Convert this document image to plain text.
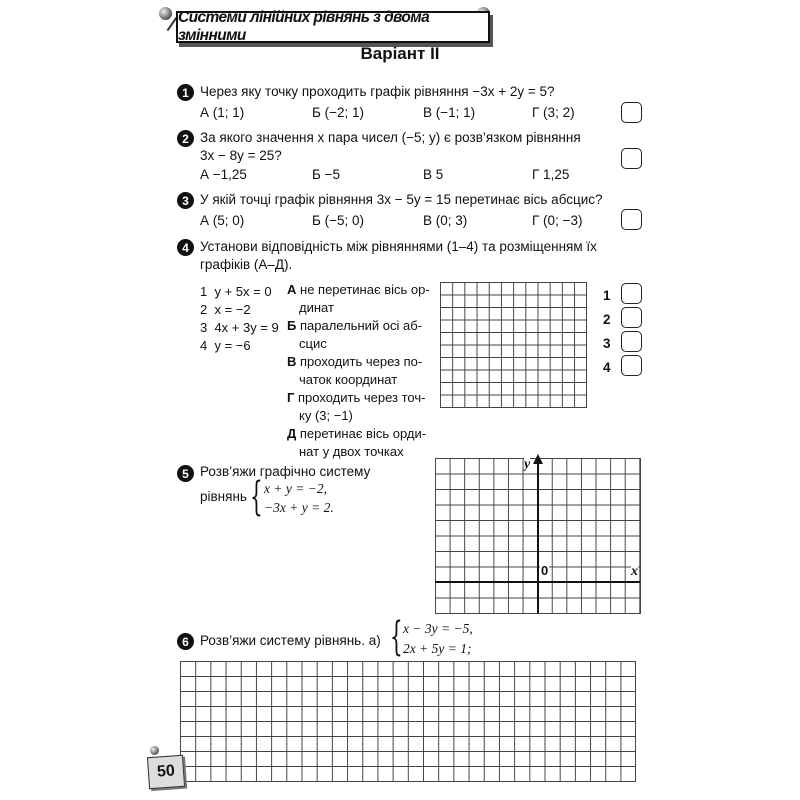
Системи лінійних рівнянь з двома змінними
Варіант ІІ
1 Через яку точку проходить графік рівняння −3x + 2y = 5?
А (1; 1)	Б (−2; 1)	В (−1; 1)	Г (3; 2)
2 За якого значення x пара чисел (−5; y) є розв’язком рівняння
3x − 8y = 25?
А −1,25	Б −5	В 5	Г 1,25
3 У якій точці графік рівняння 3x − 5y = 15 перетинає вісь абсцис?
А (5; 0)	Б (−5; 0)	В (0; 3)	Г (0; −3)
4 Установи відповідність між рівняннями (1–4) та розміщенням їх
графіків (А–Д).
1  y + 5x = 0
2  x = −2
3  4x + 3y = 9
4  y = −6
А не перетинає вісь ор-
динат
Б паралельний осі аб-
сцис
В проходить через по-
чаток координат
Г проходить через точ-
ку (3; −1)
Д перетинає вісь орди-
нат у двох точках
1
2
3
4
5 Розв’яжи графічно систему
рівнянь { x + y = −2,
−3x + y = 2.
y
x
0
6 Розв’яжи систему рівнянь. а) { x − 3y = −5,
2x + 5y = 1;
50
